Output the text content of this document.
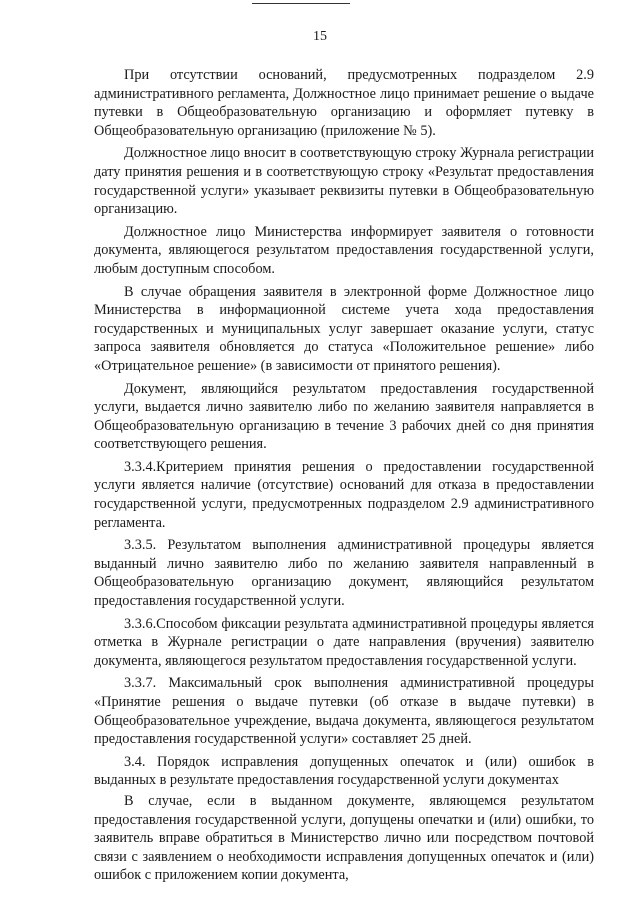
15

При отсутствии оснований, предусмотренных подразделом 2.9 административного регламента, Должностное лицо принимает решение о выдаче путевки в Общеобразовательную организацию и оформляет путевку в Общеобразовательную организацию (приложение № 5).

Должностное лицо вносит в соответствующую строку Журнала регистрации дату принятия решения и в соответствующую строку «Результат предоставления государственной услуги» указывает реквизиты путевки в Общеобразовательную организацию.

Должностное лицо Министерства информирует заявителя о готовности документа, являющегося результатом предоставления государственной услуги, любым доступным способом.

В случае обращения заявителя в электронной форме Должностное лицо Министерства в информационной системе учета хода предоставления государственных и муниципальных услуг завершает оказание услуги, статус запроса заявителя обновляется до статуса «Положительное решение» либо «Отрицательное решение» (в зависимости от принятого решения).

Документ, являющийся результатом предоставления государственной услуги, выдается лично заявителю либо по желанию заявителя направляется в Общеобразовательную организацию в течение 3 рабочих дней со дня принятия соответствующего решения.

3.3.4.Критерием принятия решения о предоставлении государственной услуги является наличие (отсутствие) оснований для отказа в предоставлении государственной услуги, предусмотренных подразделом 2.9 административного регламента.

3.3.5. Результатом выполнения административной процедуры является выданный лично заявителю либо по желанию заявителя направленный в Общеобразовательную организацию документ, являющийся результатом предоставления государственной услуги.

3.3.6.Способом фиксации результата административной процедуры является отметка в Журнале регистрации о дате направления (вручения) заявителю документа, являющегося результатом предоставления государственной услуги.

3.3.7. Максимальный срок выполнения административной процедуры «Принятие решения о выдаче путевки (об отказе в выдаче путевки) в Общеобразовательное учреждение, выдача документа, являющегося результатом предоставления государственной услуги» составляет 25 дней.

3.4. Порядок исправления допущенных опечаток и (или) ошибок в выданных в результате предоставления государственной услуги документах

В случае, если в выданном документе, являющемся результатом предоставления государственной услуги, допущены опечатки и (или) ошибки, то заявитель вправе обратиться в Министерство лично или посредством почтовой связи с заявлением о необходимости исправления допущенных опечаток и (или) ошибок с приложением копии документа,
